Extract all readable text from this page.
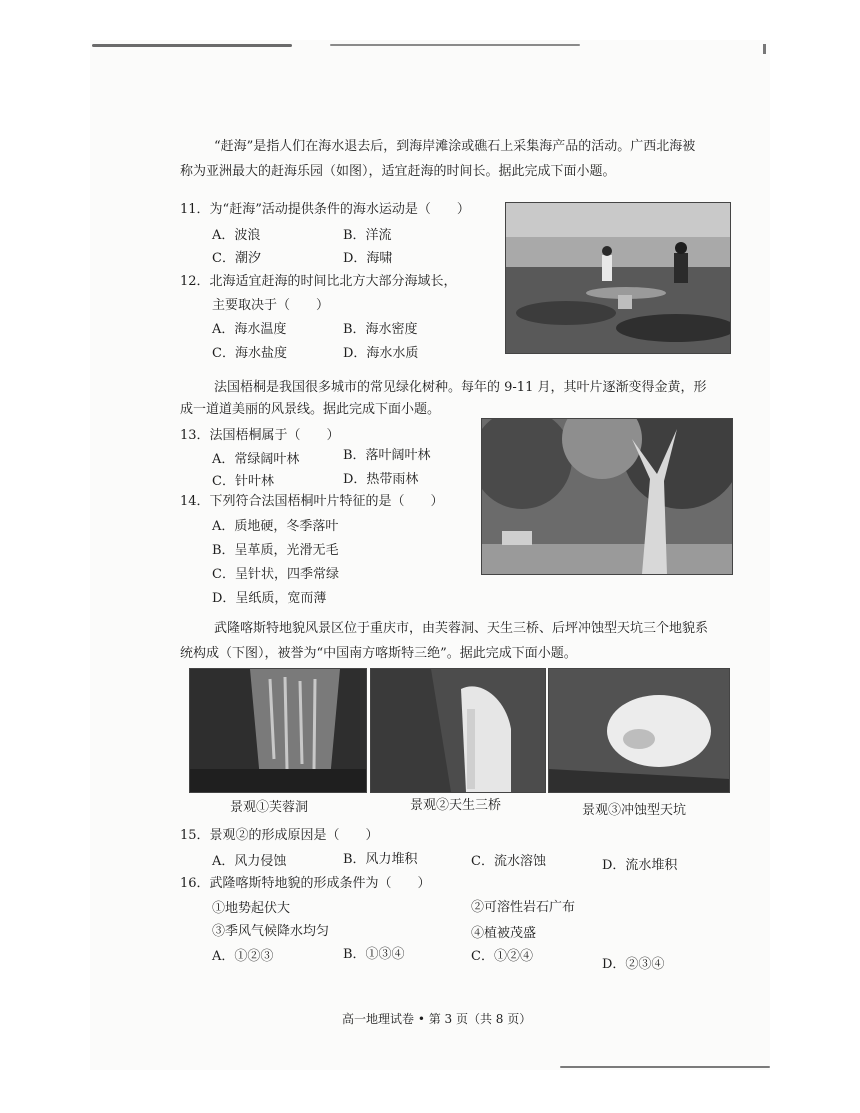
“赶海”是指人们在海水退去后，到海岸滩涂或礁石上采集海产品的活动。广西北海被
称为亚洲最大的赶海乐园（如图），适宜赶海的时间长。据此完成下面小题。
11．为“赶海”活动提供条件的海水运动是（　　）
A．波浪	B．洋流
C．潮汐	D．海啸
12．北海适宜赶海的时间比北方大部分海域长，
主要取决于（　　）
A．海水温度	B．海水密度
C．海水盐度	D．海水水质
法国梧桐是我国很多城市的常见绿化树种。每年的 9-11 月，其叶片逐渐变得金黄，形
成一道道美丽的风景线。据此完成下面小题。
13．法国梧桐属于（　　）
A．常绿阔叶林	B．落叶阔叶林
C．针叶林	D．热带雨林
14．下列符合法国梧桐叶片特征的是（　　）
A．质地硬，冬季落叶
B．呈革质，光滑无毛
C．呈针状，四季常绿
D．呈纸质，宽而薄
武隆喀斯特地貌风景区位于重庆市，由芙蓉洞、天生三桥、后坪冲蚀型天坑三个地貌系
统构成（下图），被誉为“中国南方喀斯特三绝”。据此完成下面小题。
景观①芙蓉洞	景观②天生三桥	景观③冲蚀型天坑
15．景观②的形成原因是（　　）
A．风力侵蚀	B．风力堆积	C．流水溶蚀	D．流水堆积
16．武隆喀斯特地貌的形成条件为（　　）
①地势起伏大	②可溶性岩石广布
③季风气候降水均匀	④植被茂盛
A．①②③	B．①③④	C．①②④
D．②③④
高一地理试卷 • 第 3 页（共 8 页）
